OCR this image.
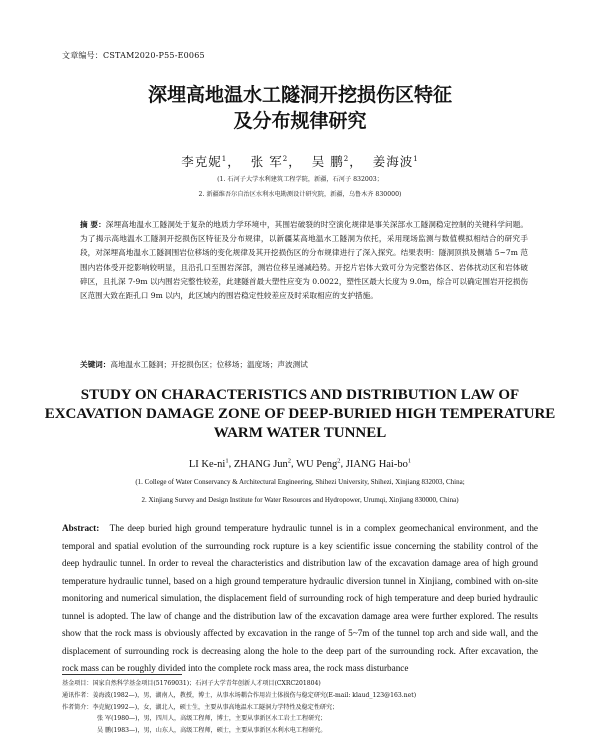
文章编号：CSTAM2020-P55-E0065
深埋高地温水工隧洞开挖损伤区特征
及分布规律研究
李克妮$^1$， 张 军$^2$， 吴 鹏$^2$， 姜海波$^1$
(1. 石河子大学水利建筑工程学院，新疆，石河子 832003；
2. 新疆维吾尔自治区水利水电勘测设计研究院，新疆，乌鲁木齐 830000)
摘 要：深埋高地温水工隧洞处于复杂的地质力学环境中，其围岩破裂的时空演化规律是事关深部水工隧洞稳定控制的关键科学问题。为了揭示高地温水工隧洞开挖损伤区特征及分布规律，以新疆某高地温水工隧洞为依托，采用现场监测与数值模拟相结合的研究手段，对深埋高地温水工隧洞围岩位移场的变化规律及其开挖损伤区的分布规律进行了深入探究。结果表明：隧洞顶拱及侧墙 5~7m 范围内岩体受开挖影响较明显，且沿孔口至围岩深部，测岩位移呈递减趋势。开挖片岩体大致可分为完整岩体区、岩体扰动区和岩体破碎区，且扎深 7-9m 以内围岩完整性较差，此建隧首最大塑性应变为 0.0022，塑性区最大长度为 9.0m，综合可以确定围岩开挖损伤区范围大致在距孔口 9m 以内，此区域内的围岩稳定性较差应及时采取相应的支护措施。
关键词：高地温水工隧洞；开挖损伤区；位移场；温度场；声波测试
STUDY ON CHARACTERISTICS AND DISTRIBUTION LAW OF
EXCAVATION DAMAGE ZONE OF DEEP-BURIED HIGH TEMPERATURE
WARM WATER TUNNEL
LI $Ke-ni^1$, ZHANG Jun$^2$, WU Peng$^2$, JIANG Hai-$bo^1$
(1. College of Water Conservancy & Architectural Engineering, Shihezi University, Shihezi, Xinjiang 832003, China;
2. Xinjiang Survey and Design Institute for Water Resources and Hydropower, Urumqi, Xinjiang 830000, China)
Abstract: The deep buried high ground temperature hydraulic tunnel is in a complex geomechanical environment, and the temporal and spatial evolution of the surrounding rock rupture is a key scientific issue concerning the stability control of the deep hydraulic tunnel. In order to reveal the characteristics and distribution law of the excavation damage area of high ground temperature hydraulic tunnel, based on a high ground temperature hydraulic diversion tunnel in Xinjiang, combined with on-site monitoring and numerical simulation, the displacement field of surrounding rock of high temperature and deep buried hydraulic tunnel is adopted. The law of change and the distribution law of the excavation damage area were further explored. The results show that the rock mass is obviously affected by excavation in the range of 5~7m of the tunnel top arch and side wall, and the displacement of surrounding rock is decreasing along the hole to the deep part of the surrounding rock. After excavation, the rock mass can be roughly divided into the complete rock mass area, the rock mass disturbance
基金项目：国家自然科学基金项目(51769031)；石河子大学青年创新人才项目(CXRC201804)
通讯作者：姜海波(1982—)，男，湖南人，教授，博士，从事水场耦合作用岩土体损伤与稳定研究(E-mail: klaud_123@163.net)
作者简介：李克妮(1992—)，女，湖北人，硕士生，主要从事高地温水工隧洞力学特性及稳定性研究；
张 军(1980—)，男，四川人，高级工程师，博士，主要从事新区水工岩土工程研究；
吴 鹏(1983—)，男，山东人，高级工程师，硕士，主要从事新区水利水电工程研究。
